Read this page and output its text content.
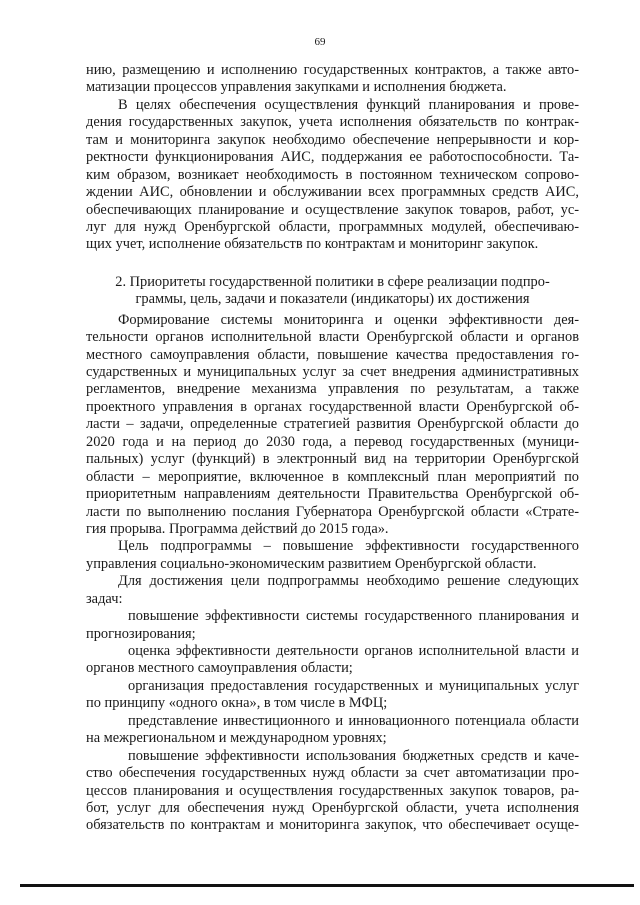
69
нию, размещению и исполнению государственных контрактов, а также авто-
матизации процессов управления закупками и исполнения бюджета.
В целях обеспечения осуществления функций планирования и прове-
дения государственных закупок, учета исполнения обязательств по контрак-
там и мониторинга закупок необходимо обеспечение непрерывности и кор-
ректности функционирования АИС, поддержания ее работоспособности. Та-
ким образом, возникает необходимость в постоянном техническом сопрово-
ждении АИС, обновлении и обслуживании всех программных средств АИС,
обеспечивающих планирование и осуществление закупок товаров, работ, ус-
луг для нужд Оренбургской области, программных модулей, обеспечиваю-
щих учет, исполнение обязательств по контрактам и мониторинг закупок.
2. Приоритеты государственной политики в сфере реализации подпро-
граммы, цель, задачи и показатели (индикаторы) их достижения
Формирование системы мониторинга и оценки эффективности дея-
тельности органов исполнительной власти Оренбургской области и органов
местного самоуправления области, повышение качества предоставления го-
сударственных и муниципальных услуг за счет внедрения административных
регламентов, внедрение механизма управления по результатам, а также
проектного управления в органах государственной власти Оренбургской об-
ласти – задачи, определенные стратегией развития Оренбургской области до
2020 года и на период до 2030 года, а перевод государственных (муници-
пальных) услуг (функций) в электронный вид на территории Оренбургской
области – мероприятие, включенное в комплексный план мероприятий по
приоритетным направлениям деятельности Правительства Оренбургской об-
ласти по выполнению послания Губернатора Оренбургской области «Страте-
гия прорыва. Программа действий до 2015 года».
Цель подпрограммы – повышение эффективности государственного
управления социально-экономическим развитием Оренбургской области.
Для достижения цели подпрограммы необходимо решение следующих
задач:
повышение эффективности системы государственного планирования и
прогнозирования;
оценка эффективности деятельности органов исполнительной власти и
органов местного самоуправления области;
организация предоставления государственных и муниципальных услуг
по принципу «одного окна», в том числе в МФЦ;
представление инвестиционного и инновационного потенциала области
на межрегиональном и международном уровнях;
повышение эффективности использования бюджетных средств и каче-
ство обеспечения государственных нужд области за счет автоматизации про-
цессов планирования и осуществления государственных закупок товаров, ра-
бот, услуг для обеспечения нужд Оренбургской области, учета исполнения
обязательств по контрактам и мониторинга закупок, что обеспечивает осуще-
